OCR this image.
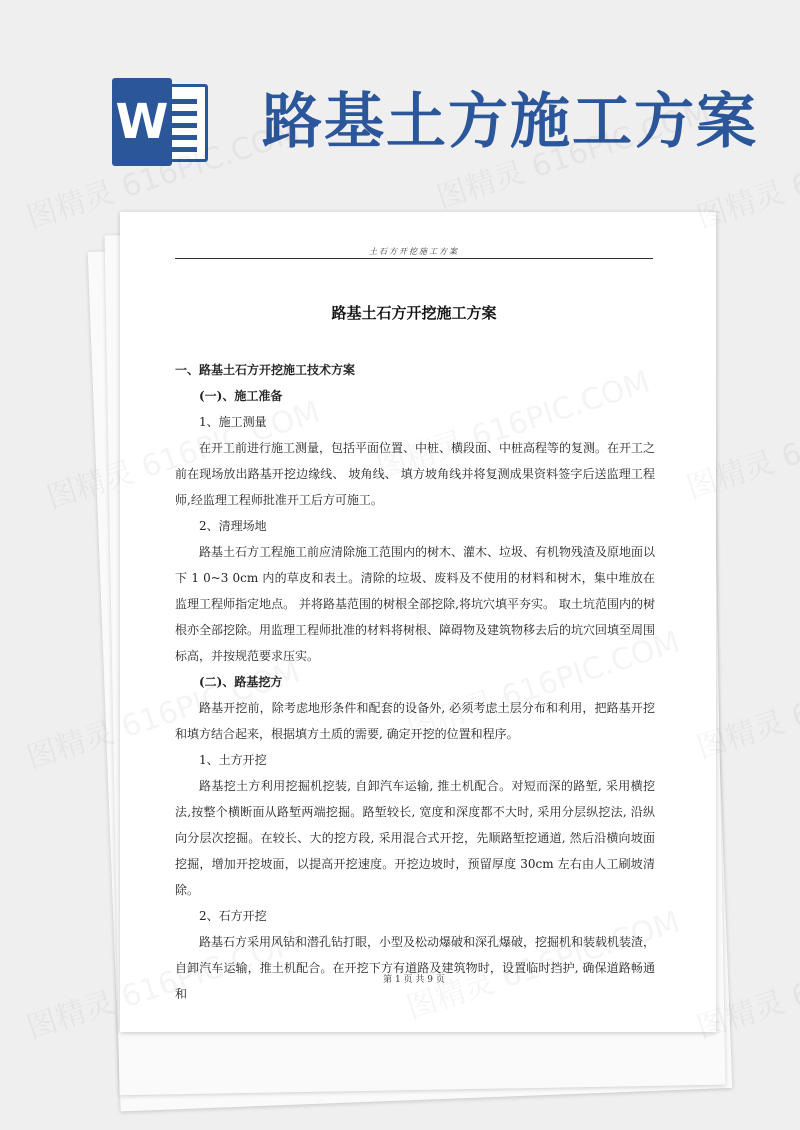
W 路基土方施工方案
土石方开挖施工方案
路基土石方开挖施工方案

一、路基土石方开挖施工技术方案

(一)、施工准备

1、施工测量

在开工前进行施工测量，包括平面位置、中桩、横段面、中桩高程等的复测。在开工之前在现场放出路基开挖边缘线、 坡角线、 填方坡角线并将复测成果资料签字后送监理工程师,经监理工程师批准开工后方可施工。

2、清理场地

路基土石方工程施工前应清除施工范围内的树木、灌木、垃圾、有机物残渣及原地面以下 1 0~3 0cm 内的草皮和表土。清除的垃圾、废料及不使用的材料和树木，集中堆放在监理工程师指定地点。 并将路基范围的树根全部挖除,将坑穴填平夯实。 取土坑范围内的树根亦全部挖除。用监理工程师批准的材料将树根、障碍物及建筑物移去后的坑穴回填至周围标高，并按规范要求压实。

(二)、路基挖方

路基开挖前，除考虑地形条件和配套的设备外, 必须考虑土层分布和利用，把路基开挖和填方结合起来，根据填方土质的需要, 确定开挖的位置和程序。

1、土方开挖

路基挖土方利用挖掘机挖装, 自卸汽车运输, 推土机配合。对短而深的路堑, 采用横挖法,按整个横断面从路堑两端挖掘。路堑较长, 宽度和深度都不大时, 采用分层纵挖法, 沿纵向分层次挖掘。在较长、大的挖方段, 采用混合式开挖，先顺路堑挖通道, 然后沿横向坡面挖掘，增加开挖坡面，以提高开挖速度。开挖边坡时，预留厚度 30cm 左右由人工刷坡清除。

2、石方开挖

路基石方采用风钻和潜孔钻打眼，小型及松动爆破和深孔爆破，挖掘机和装载机装渣，自卸汽车运输，推土机配合。在开挖下方有道路及建筑物时，设置临时挡护, 确保道路畅通和

第 1 页 共 9 页
